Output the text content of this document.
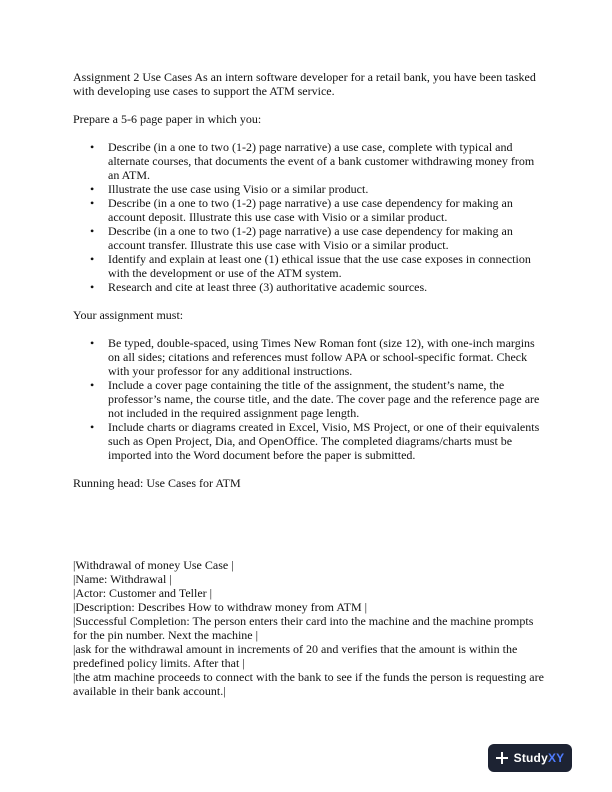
Assignment 2 Use Cases As an intern software developer for a retail bank, you have been tasked with developing use cases to support the ATM service.

Prepare a 5-6 page paper in which you:

• Describe (in a one to two (1-2) page narrative) a use case, complete with typical and alternate courses, that documents the event of a bank customer withdrawing money from an ATM.
• Illustrate the use case using Visio or a similar product.
• Describe (in a one to two (1-2) page narrative) a use case dependency for making an account deposit. Illustrate this use case with Visio or a similar product.
• Describe (in a one to two (1-2) page narrative) a use case dependency for making an account transfer. Illustrate this use case with Visio or a similar product.
• Identify and explain at least one (1) ethical issue that the use case exposes in connection with the development or use of the ATM system.
• Research and cite at least three (3) authoritative academic sources.

Your assignment must:

• Be typed, double-spaced, using Times New Roman font (size 12), with one-inch margins on all sides; citations and references must follow APA or school-specific format. Check with your professor for any additional instructions.
• Include a cover page containing the title of the assignment, the student’s name, the professor’s name, the course title, and the date. The cover page and the reference page are not included in the required assignment page length.
• Include charts or diagrams created in Excel, Visio, MS Project, or one of their equivalents such as Open Project, Dia, and OpenOffice. The completed diagrams/charts must be imported into the Word document before the paper is submitted.

Running head: Use Cases for ATM

|Withdrawal of money Use Case |

|Name: Withdrawal |

|Actor: Customer and Teller |

|Description: Describes How to withdraw money from ATM |

|Successful Completion: The person enters their card into the machine and the machine prompts for the pin number. Next the machine |

|ask for the withdrawal amount in increments of 20 and verifies that the amount is within the predefined policy limits. After that |

|the atm machine proceeds to connect with the bank to see if the funds the person is requesting are available in their bank account.|

Study XY
